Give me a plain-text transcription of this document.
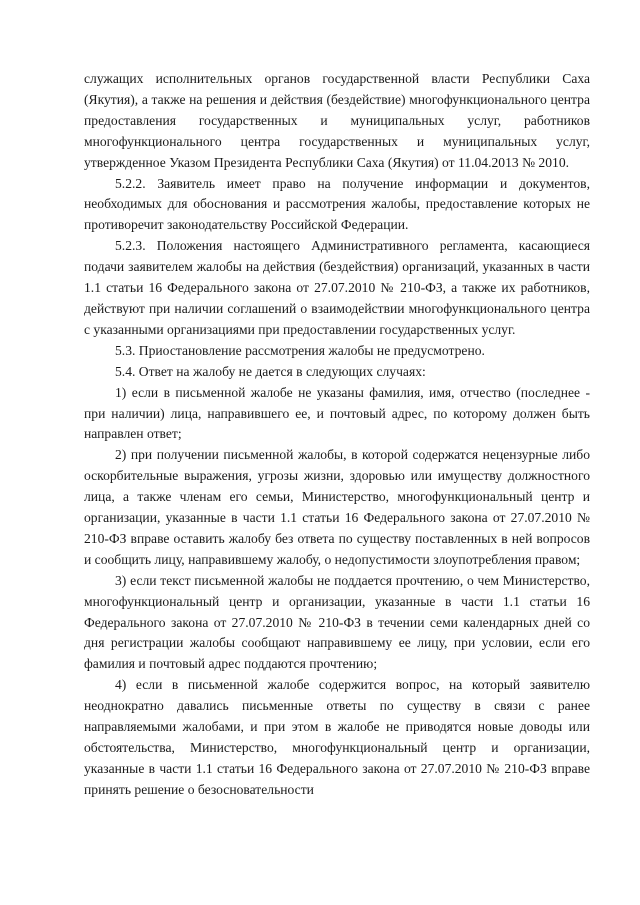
служащих исполнительных органов государственной власти Республики Саха (Якутия), а также на решения и действия (бездействие) многофункционального центра предоставления государственных и муниципальных услуг, работников многофункционального центра государственных и муниципальных услуг, утвержденное Указом Президента Республики Саха (Якутия) от 11.04.2013 № 2010.

5.2.2. Заявитель имеет право на получение информации и документов, необходимых для обоснования и рассмотрения жалобы, предоставление которых не противоречит законодательству Российской Федерации.

5.2.3. Положения настоящего Административного регламента, касающиеся подачи заявителем жалобы на действия (бездействия) организаций, указанных в части 1.1 статьи 16 Федерального закона от 27.07.2010 № 210-ФЗ, а также их работников, действуют при наличии соглашений о взаимодействии многофункционального центра с указанными организациями при предоставлении государственных услуг.

5.3. Приостановление рассмотрения жалобы не предусмотрено.

5.4. Ответ на жалобу не дается в следующих случаях:

1) если в письменной жалобе не указаны фамилия, имя, отчество (последнее - при наличии) лица, направившего ее, и почтовый адрес, по которому должен быть направлен ответ;

2) при получении письменной жалобы, в которой содержатся нецензурные либо оскорбительные выражения, угрозы жизни, здоровью или имуществу должностного лица, а также членам его семьи, Министерство, многофункциональный центр и организации, указанные в части 1.1 статьи 16 Федерального закона от 27.07.2010 № 210-ФЗ вправе оставить жалобу без ответа по существу поставленных в ней вопросов и сообщить лицу, направившему жалобу, о недопустимости злоупотребления правом;

3) если текст письменной жалобы не поддается прочтению, о чем Министерство, многофункциональный центр и организации, указанные в части 1.1 статьи 16 Федерального закона от 27.07.2010 № 210-ФЗ в течении семи календарных дней со дня регистрации жалобы сообщают направившему ее лицу, при условии, если его фамилия и почтовый адрес поддаются прочтению;

4) если в письменной жалобе содержится вопрос, на который заявителю неоднократно давались письменные ответы по существу в связи с ранее направляемыми жалобами, и при этом в жалобе не приводятся новые доводы или обстоятельства, Министерство, многофункциональный центр и организации, указанные в части 1.1 статьи 16 Федерального закона от 27.07.2010 № 210-ФЗ вправе принять решение о безосновательности
